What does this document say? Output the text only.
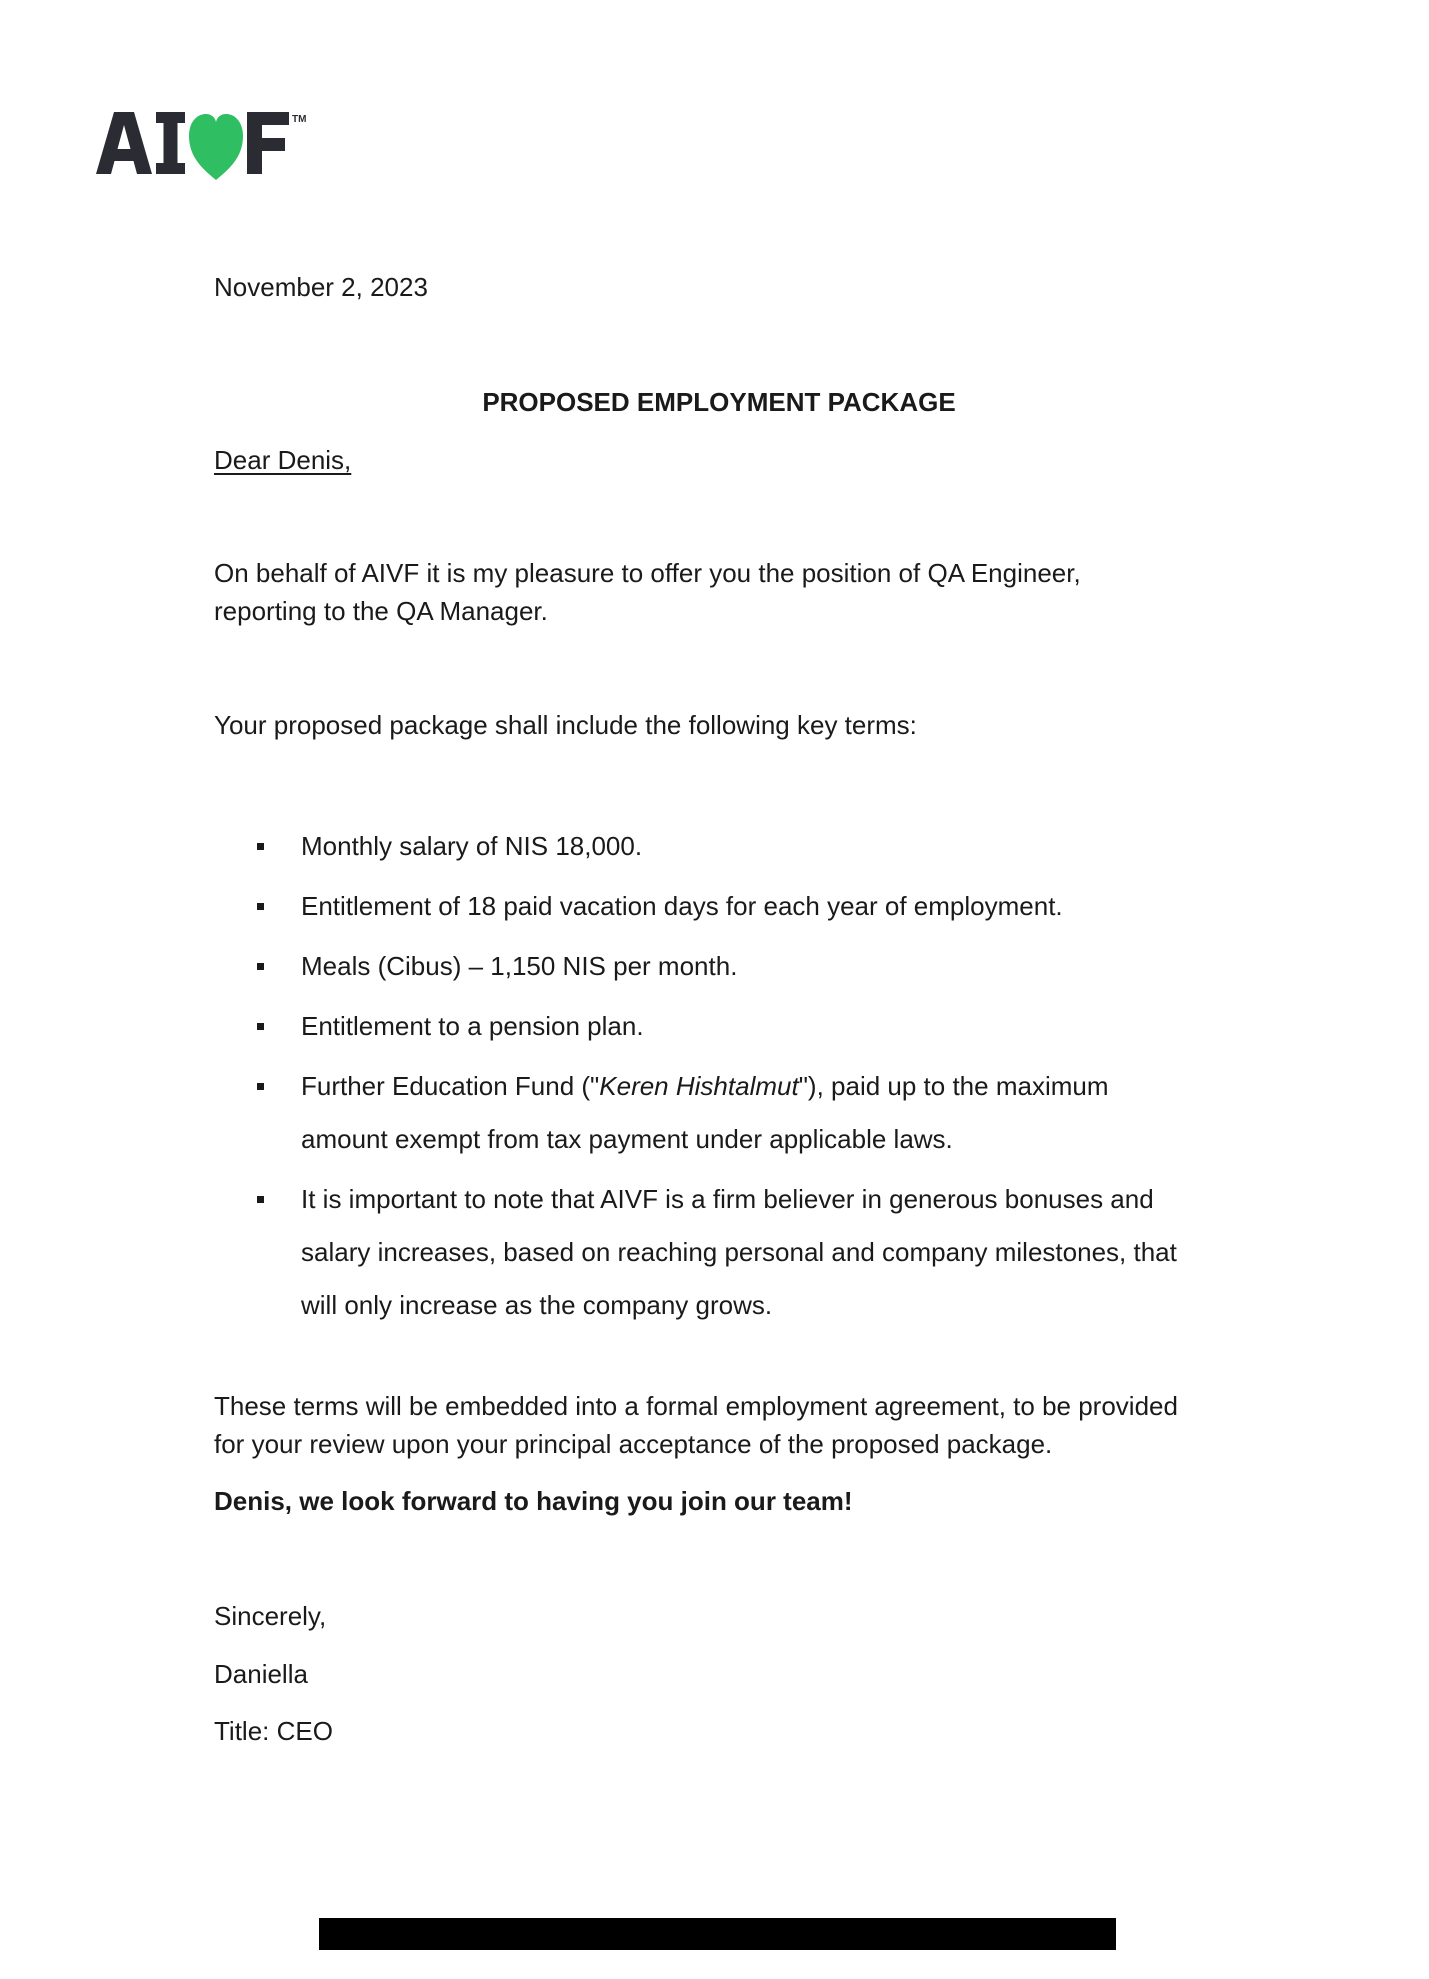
TM
November 2, 2023
PROPOSED EMPLOYMENT PACKAGE
Dear Denis,

On behalf of AIVF it is my pleasure to offer you the position of QA Engineer,

reporting to the QA Manager.

Your proposed package shall include the following key terms:
Monthly salary of NIS 18,000.
Entitlement of 18 paid vacation days for each year of employment.
Meals (Cibus) – 1,150 NIS per month.
Entitlement to a pension plan.
Further Education Fund ("Keren Hishtalmut"), paid up to the maximum
amount exempt from tax payment under applicable laws.
It is important to note that AIVF is a firm believer in generous bonuses and
salary increases, based on reaching personal and company milestones, that
will only increase as the company grows.

These terms will be embedded into a formal employment agreement, to be provided

for your review upon your principal acceptance of the proposed package.

Denis, we look forward to having you join our team!
Sincerely,
Daniella
Title: CEO
